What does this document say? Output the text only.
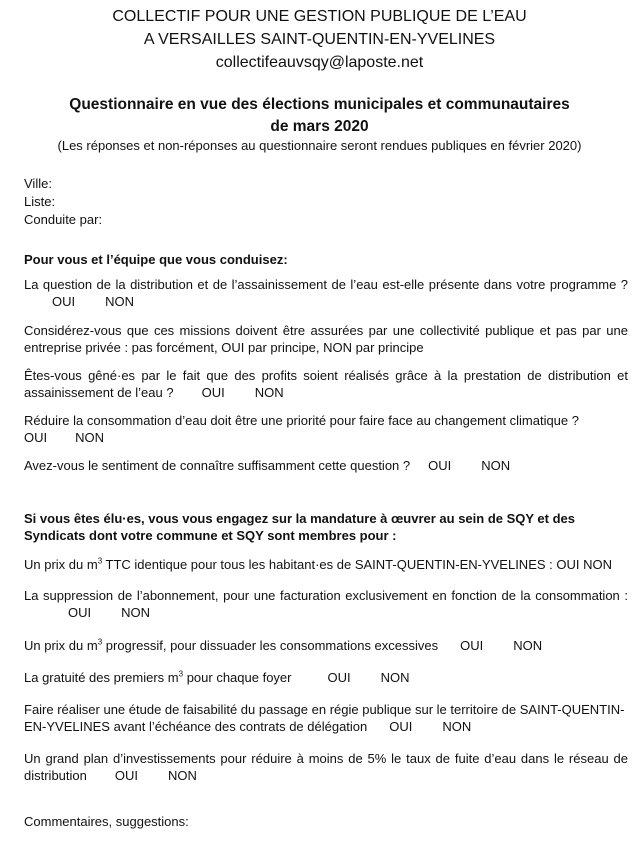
COLLECTIF POUR UNE GESTION PUBLIQUE DE L’EAU
A VERSAILLES SAINT-QUENTIN-EN-YVELINES
collectifeauvsqy@laposte.net
Questionnaire en vue des élections municipales et communautaires
de mars 2020
(Les réponses et non-réponses au questionnaire seront rendues publiques en février 2020)
Ville:
Liste:
Conduite par:
Pour vous et l’équipe que vous conduisez:
La question de la distribution et de l’assainissement de l’eau est-elle présente dans votre programme ?OUI NON
Considérez-vous que ces missions doivent être assurées par une collectivité publique et pas par une entreprise privée : pas forcément, OUI par principe, NON par principe
Êtes-vous gêné·es par le fait que des profits soient réalisés grâce à la prestation de distribution et assainissement de l’eau ? OUI NON
Réduire la consommation d’eau doit être une priorité pour faire face au changement climatique ?
OUI NON
Avez-vous le sentiment de connaître suffisamment cette question ? OUI NON
Si vous êtes élu·es, vous vous engagez sur la mandature à œuvrer au sein de SQY et des Syndicats dont votre commune et SQY sont membres pour :
Un prix du $m^3$ TTC identique pour tous les habitant·es de SAINT-QUENTIN-EN-YVELINES : OUI NON
La suppression de l’abonnement, pour une facturation exclusivement en fonction de la consommation :OUI NON
Un prix du $m^3$ progressif, pour dissuader les consommations excessives OUI NON
La gratuité des premiers $m^3$ pour chaque foyer	OUI NON
Faire réaliser une étude de faisabilité du passage en régie publique sur le territoire de SAINT-QUENTIN-EN-YVELINES avant l’échéance des contrats de délégation OUI NON
Un grand plan d’investissements pour réduire à moins de 5% le taux de fuite d’eau dans le réseau de distribution OUI NON
Commentaires, suggestions:
